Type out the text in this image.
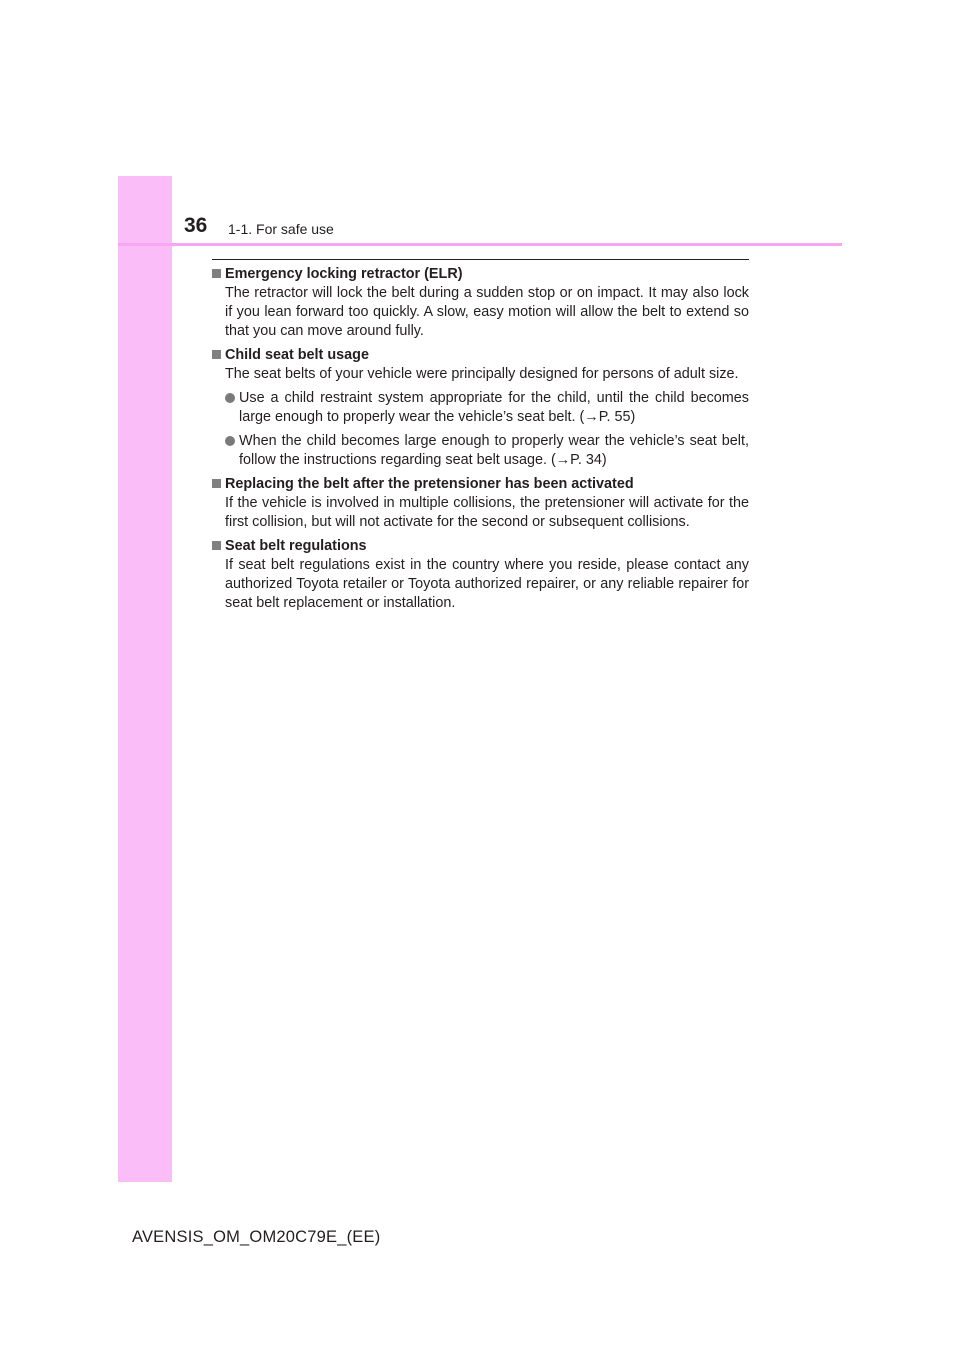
36 1-1. For safe use
Emergency locking retractor (ELR)
The retractor will lock the belt during a sudden stop or on impact. It may also lock if you lean forward too quickly. A slow, easy motion will allow the belt to extend so that you can move around fully.
Child seat belt usage
The seat belts of your vehicle were principally designed for persons of adult size.
Use a child restraint system appropriate for the child, until the child becomes large enough to properly wear the vehicle’s seat belt. (→P. 55)
When the child becomes large enough to properly wear the vehicle’s seat belt, follow the instructions regarding seat belt usage. (→P. 34)
Replacing the belt after the pretensioner has been activated
If the vehicle is involved in multiple collisions, the pretensioner will activate for the first collision, but will not activate for the second or subsequent collisions.
Seat belt regulations
If seat belt regulations exist in the country where you reside, please contact any authorized Toyota retailer or Toyota authorized repairer, or any reliable repairer for seat belt replacement or installation.
AVENSIS_OM_OM20C79E_(EE)
